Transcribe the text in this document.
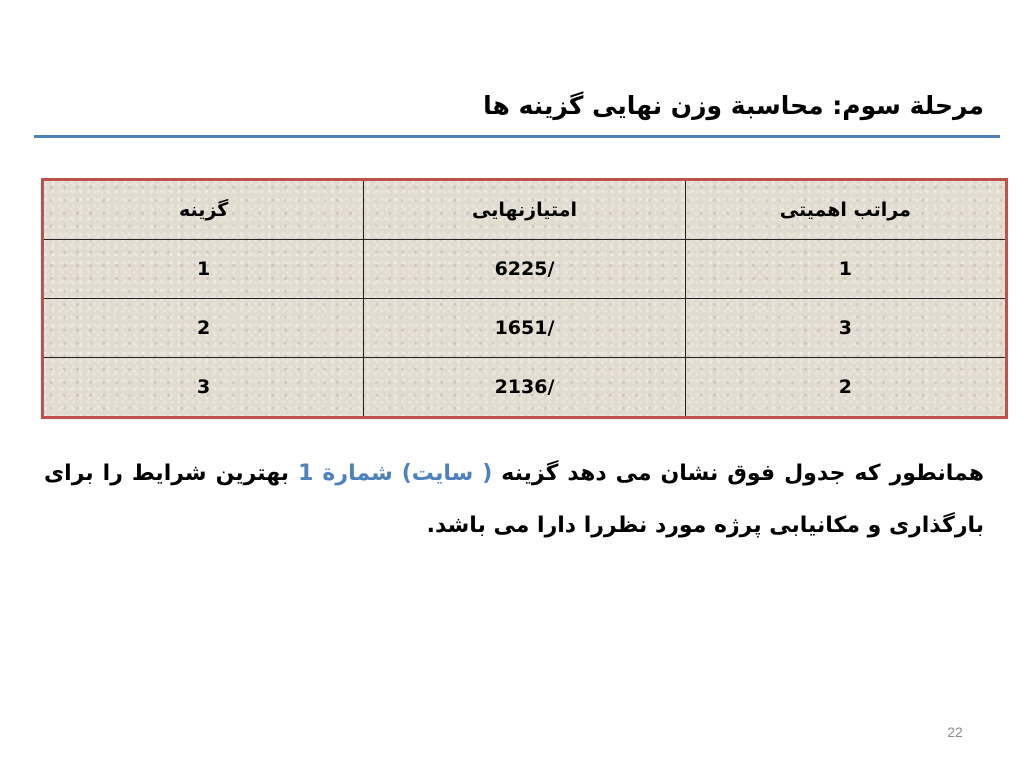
مرحلة سوم: محاسبة وزن نهایی گزینه ها
مراتب اهمیتی	امتیازنهایی	گزینه
1	/6225	1
3	/1651	2
2	/2136	3
همانطور که جدول فوق نشان می دهد گزینه ( سایت) شمارة 1 بهترین شرایط را برای بارگذاری و مکانیابی پرژه مورد نظررا دارا می باشد.
22
